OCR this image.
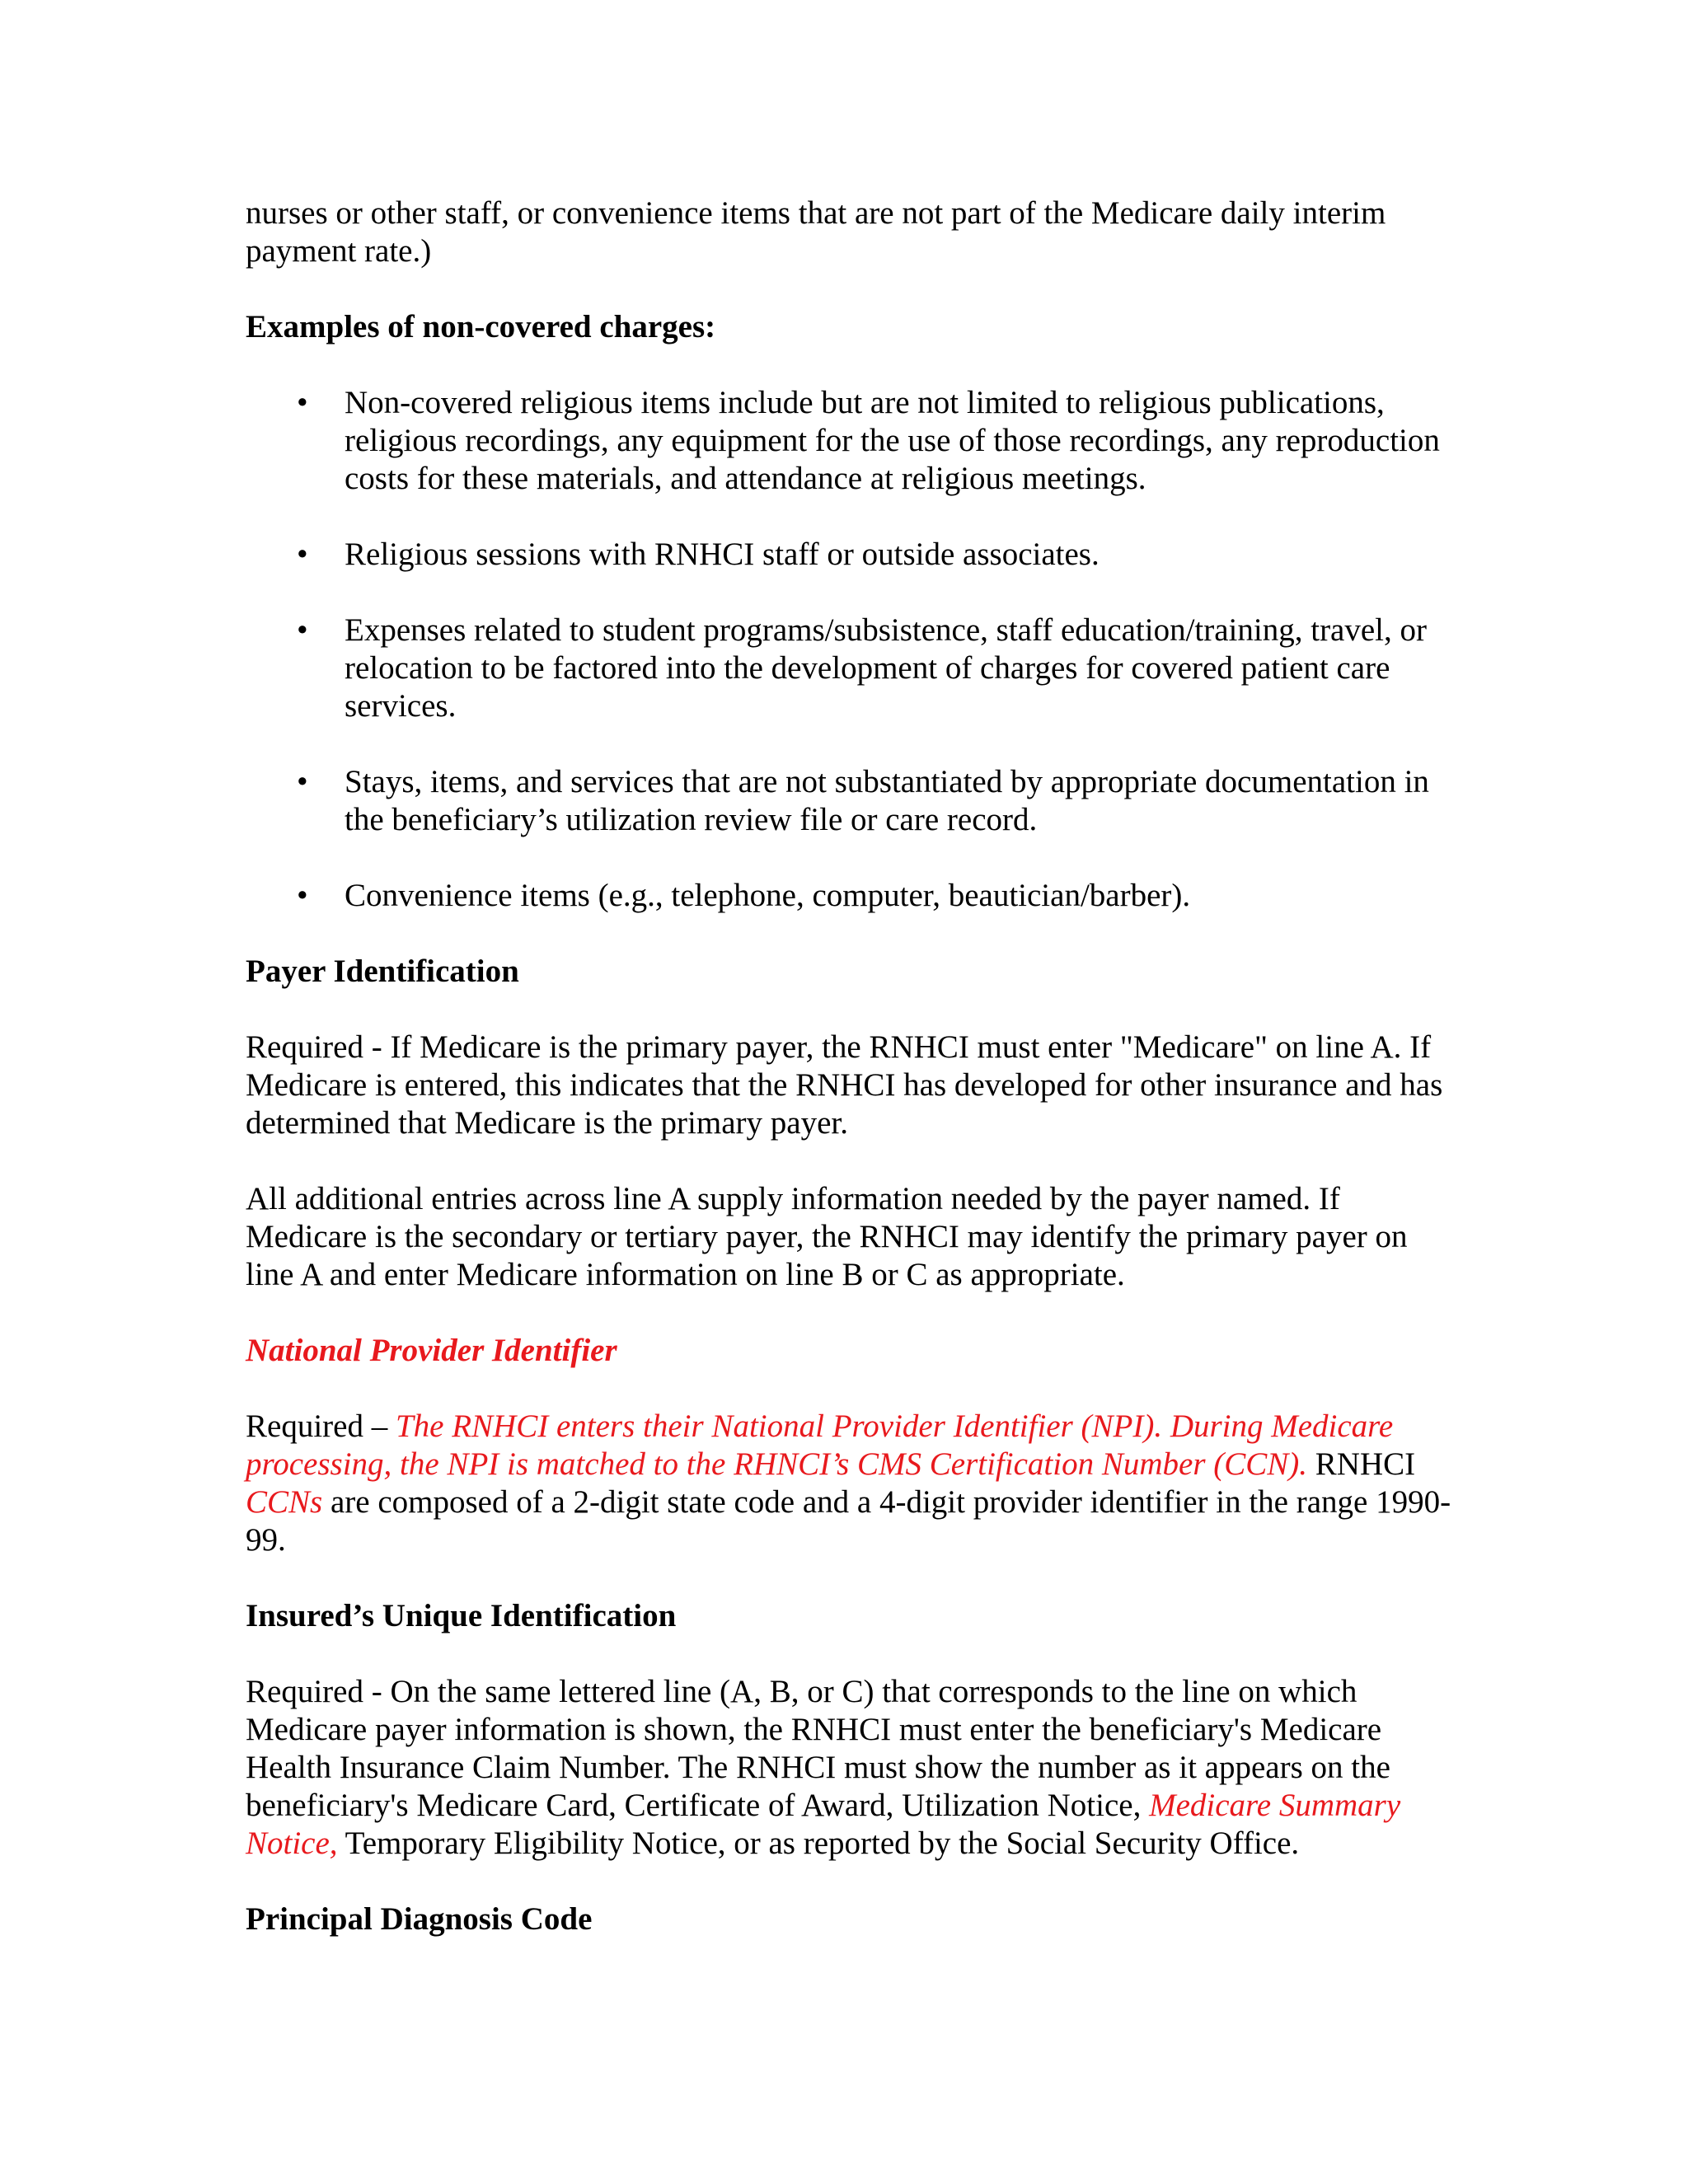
nurses or other staff, or convenience items that are not part of the Medicare daily interim payment rate.)

Examples of non-covered charges:

• Non-covered religious items include but are not limited to religious publications, religious recordings, any equipment for the use of those recordings, any reproduction costs for these materials, and attendance at religious meetings.
• Religious sessions with RNHCI staff or outside associates.
• Expenses related to student programs/subsistence, staff education/training, travel, or relocation to be factored into the development of charges for covered patient care services.
• Stays, items, and services that are not substantiated by appropriate documentation in the beneficiary’s utilization review file or care record.
• Convenience items (e.g., telephone, computer, beautician/barber).

Payer Identification

Required - If Medicare is the primary payer, the RNHCI must enter "Medicare" on line A. If Medicare is entered, this indicates that the RNHCI has developed for other insurance and has determined that Medicare is the primary payer.

All additional entries across line A supply information needed by the payer named. If Medicare is the secondary or tertiary payer, the RNHCI may identify the primary payer on line A and enter Medicare information on line B or C as appropriate.

National Provider Identifier

Required – The RNHCI enters their National Provider Identifier (NPI). During Medicare processing, the NPI is matched to the RHNCI’s CMS Certification Number (CCN). RNHCI CCNs are composed of a 2-digit state code and a 4-digit provider identifier in the range 1990-99.

Insured’s Unique Identification

Required - On the same lettered line (A, B, or C) that corresponds to the line on which Medicare payer information is shown, the RNHCI must enter the beneficiary's Medicare Health Insurance Claim Number. The RNHCI must show the number as it appears on the beneficiary's Medicare Card, Certificate of Award, Utilization Notice, Medicare Summary Notice, Temporary Eligibility Notice, or as reported by the Social Security Office.

Principal Diagnosis Code
